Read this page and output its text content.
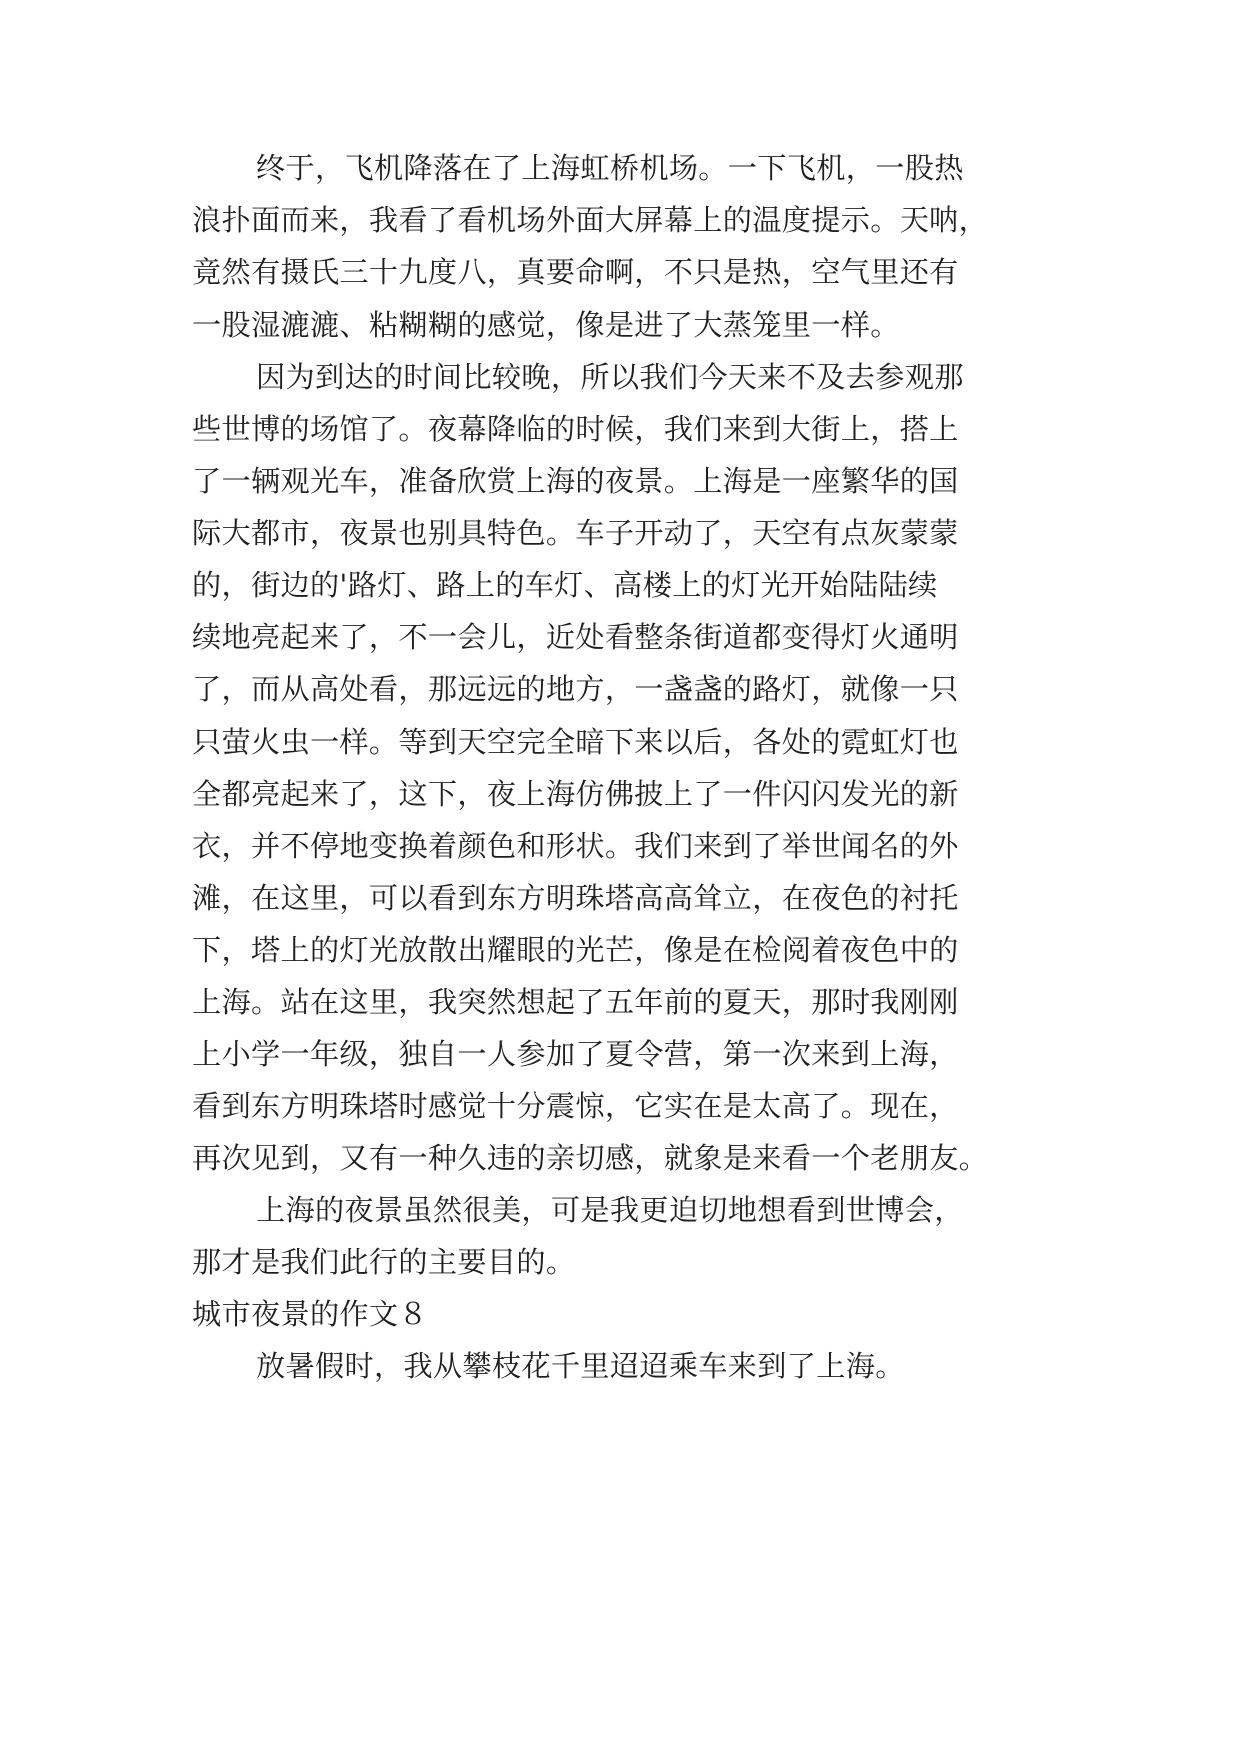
终于，飞机降落在了上海虹桥机场。一下飞机，一股热
浪扑面而来，我看了看机场外面大屏幕上的温度提示。天呐，
竟然有摄氏三十九度八，真要命啊，不只是热，空气里还有
一股湿漉漉、粘糊糊的感觉，像是进了大蒸笼里一样。
因为到达的时间比较晚，所以我们今天来不及去参观那
些世博的场馆了。夜幕降临的时候，我们来到大街上，搭上
了一辆观光车，准备欣赏上海的夜景。上海是一座繁华的国
际大都市，夜景也别具特色。车子开动了，天空有点灰蒙蒙
的，街边的'路灯、路上的车灯、高楼上的灯光开始陆陆续
续地亮起来了，不一会儿，近处看整条街道都变得灯火通明
了，而从高处看，那远远的地方，一盏盏的路灯，就像一只
只萤火虫一样。等到天空完全暗下来以后，各处的霓虹灯也
全都亮起来了，这下，夜上海仿佛披上了一件闪闪发光的新
衣，并不停地变换着颜色和形状。我们来到了举世闻名的外
滩，在这里，可以看到东方明珠塔高高耸立，在夜色的衬托
下，塔上的灯光放散出耀眼的光芒，像是在检阅着夜色中的
上海。站在这里，我突然想起了五年前的夏天，那时我刚刚
上小学一年级，独自一人参加了夏令营，第一次来到上海，
看到东方明珠塔时感觉十分震惊，它实在是太高了。现在，
再次见到，又有一种久违的亲切感，就象是来看一个老朋友。
上海的夜景虽然很美，可是我更迫切地想看到世博会，
那才是我们此行的主要目的。
城市夜景的作文８
放暑假时，我从攀枝花千里迢迢乘车来到了上海。
